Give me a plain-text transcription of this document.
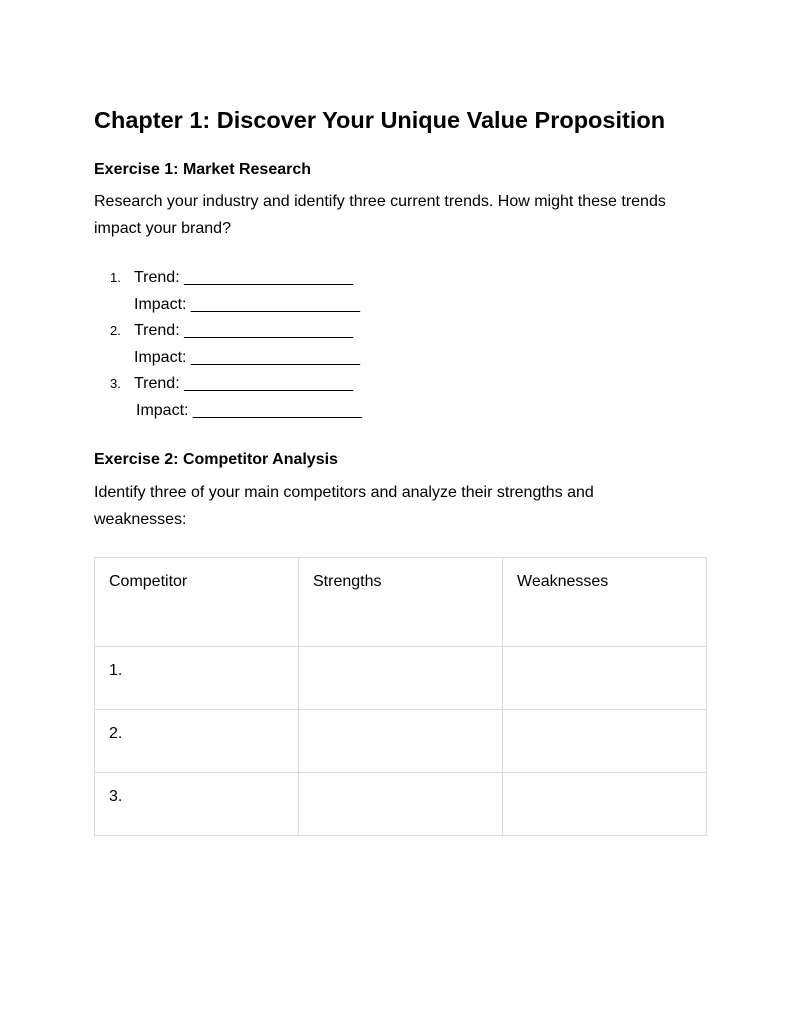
Chapter 1: Discover Your Unique Value Proposition
Exercise 1: Market Research

Research your industry and identify three current trends. How might these trends impact your brand?

1. Trend: ___________________
Impact: ___________________
2. Trend: ___________________
Impact: ___________________
3. Trend: ___________________
Impact: ___________________
Exercise 2: Competitor Analysis

Identify three of your main competitors and analyze their strengths and weaknesses:

Competitor	Strengths	Weaknesses
1.		
2.		
3.		
